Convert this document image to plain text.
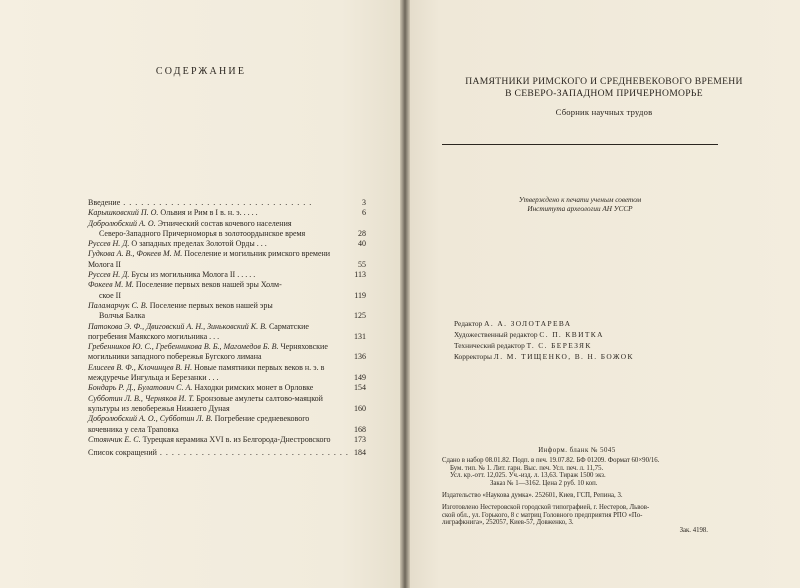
СОДЕРЖАНИЕ
Введение . . .	3
Карышковский П. О. Ольвия и Рим в I в. н. э. . . . .	6
Добролюбский А. О. Этнический состав кочевого населения
Северо-Западного Причерноморья в золотоордынское время	28
Руссев Н. Д. О западных пределах Золотой Орды . . .	40
Гудкова А. В., Фокеев М. М. Поселение и могильник римского времени Молога II	55
Руссев Н. Д. Бусы из могильника Молога II . . . . .	113
Фокеев М. М. Поселение первых веков нашей эры Холм-
ское II	119
Паламарчук С. В. Поселение первых веков нашей эры
Волчья Балка	125
Патокова Э. Ф., Двиговский А. Н., Зиньковский К. В. Сарматские погребения Маякского могильника . . .	131
Гребенников Ю. С., Гребенникова В. Б., Магомедов Б. В. Черняховские могильники западного побережья Бугского лимана	136
Елисеев В. Ф., Клочинцев В. Н. Новые памятники первых веков н. э. в междуречье Ингульца и Березанки . . .	149
Бондарь Р. Д., Булатович С. А. Находки римских монет в Орловке	154
Субботин Л. В., Черняков И. Т. Бронзовые амулеты салтово-маяцкой культуры из левобережья Нижнего Дуная	160
Добролюбский А. О., Субботин Л. В. Погребение средневекового кочевника у села Траповка	168
Стоянчик Е. С. Турецкая керамика XVI в. из Белгорода-Днестровского	173
Список сокращений . . .	184
ПАМЯТНИКИ РИМСКОГО И СРЕДНЕВЕКОВОГО ВРЕМЕНИ
В СЕВЕРО-ЗАПАДНОМ ПРИЧЕРНОМОРЬЕ
Сборник научных трудов
Утверждено к печати ученым советом
Института археологии АН УССР
Редактор А. А. ЗОЛОТАРЕВА
Художественный редактор С. П. КВИТКА
Технический редактор Т. С. БЕРЕЗЯК
Корректоры Л. М. ТИЩЕНКО, В. Н. БОЖОК
Информ. бланк № 5045
Сдано в набор 08.01.82. Подп. в печ. 19.07.82. БФ 01209. Формат 60×90/16.
Бум. тип. № 1. Лит. гарн. Выс. печ. Усл. печ. л. 11,75.
Усл. кр.-отт. 12,025. Уч.-изд. л. 13,63. Тираж 1500 экз.
Заказ № 1—3162. Цена 2 руб. 10 коп.
Издательство «Наукова думка». 252601, Киев, ГСП, Репина, 3.
Изготовлено Нестеровской городской типографией, г. Нестеров, Львов-
ской обл., ул. Горького, 8 с матриц Головного предприятия РПО «По-
лиграфкнига», 252057, Киев-57, Довженко, 3.
Зак. 4198.
